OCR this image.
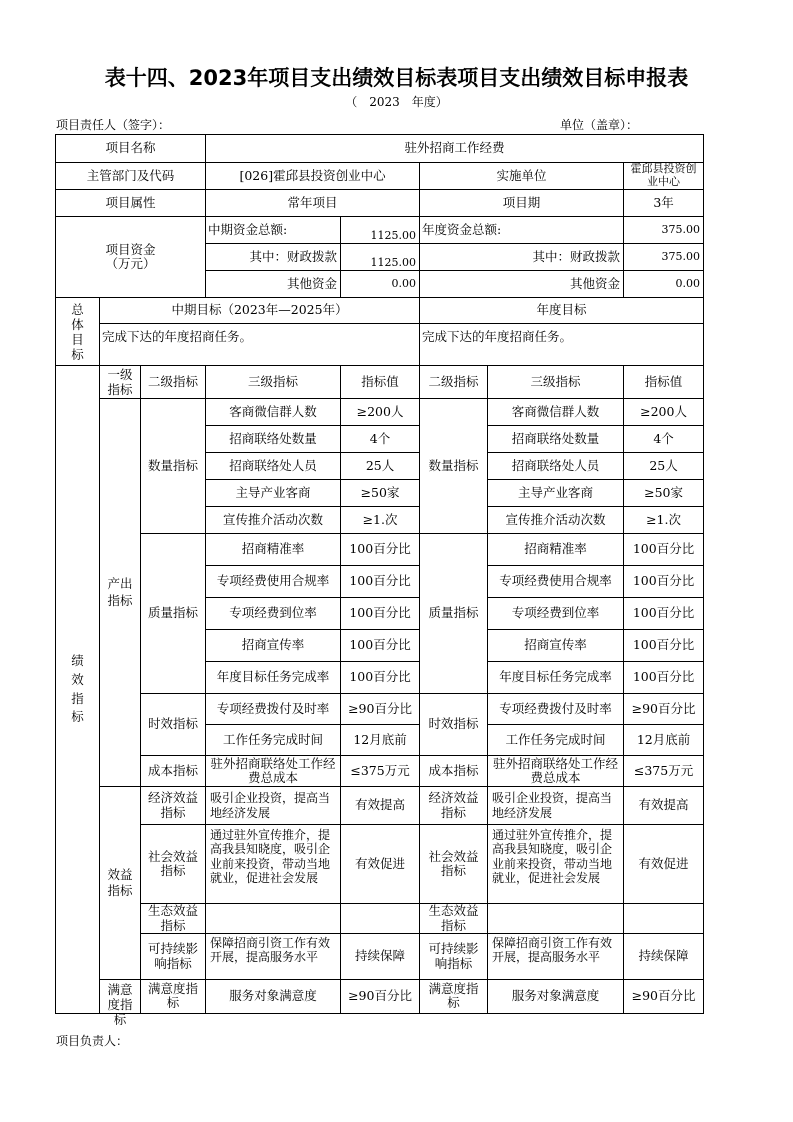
表十四、2023年项目支出绩效目标表项目支出绩效目标申报表
（　2023　年度）
项目责任人（签字）：	单位（盖章）：
项目名称			驻外招商工作经费				
主管部门及代码			[026]霍邱县投资创业中心		实施单位		霍邱县投资创业中心
项目属性			常年项目		项目期		3年

项目资金
（万元）			中期资金总额:	1125.00	年度资金总额:		375.00
			其中：财政拨款	1125.00	其中：财政拨款		375.00
			其他资金	0.00	其他资金		0.00

总体目标	中期目标（2023年—2025年）				年度目标		
	完成下达的年度招商任务。				完成下达的年度招商任务。		

绩效指标	一级指标	二级指标	三级指标	指标值	二级指标	三级指标	指标值

	产出指标	数量指标	客商微信群人数	≥200人	数量指标	客商微信群人数	≥200人
			招商联络处数量	4个		招商联络处数量	4个
			招商联络处人员	25人		招商联络处人员	25人
			主导产业客商	≥50家		主导产业客商	≥50家
			宣传推介活动次数	≥1.次		宣传推介活动次数	≥1.次
		质量指标	招商精准率	100百分比	质量指标	招商精准率	100百分比
			专项经费使用合规率	100百分比		专项经费使用合规率	100百分比
			专项经费到位率	100百分比		专项经费到位率	100百分比
			招商宣传率	100百分比		招商宣传率	100百分比
			年度目标任务完成率	100百分比		年度目标任务完成率	100百分比
		时效指标	专项经费拨付及时率	≥90百分比	时效指标	专项经费拨付及时率	≥90百分比
			工作任务完成时间	12月底前		工作任务完成时间	12月底前
		成本指标	驻外招商联络处工作经费总成本	≤375万元	成本指标	驻外招商联络处工作经费总成本	≤375万元

	效益指标	经济效益指标	吸引企业投资，提高当地经济发展	有效提高	经济效益指标	吸引企业投资，提高当地经济发展	有效提高

		社会效益指标	通过驻外宣传推介，提高我县知晓度，吸引企业前来投资，带动当地就业，促进社会发展	有效促进	社会效益指标	通过驻外宣传推介，提高我县知晓度，吸引企业前来投资，带动当地就业，促进社会发展	有效促进

		生态效益指标			生态效益指标		

		可持续影响指标	保障招商引资工作有效开展，提高服务水平	持续保障	可持续影响指标	保障招商引资工作有效开展，提高服务水平	持续保障

	满意度指标	满意度指标	服务对象满意度	≥90百分比	满意度指标	服务对象满意度	≥90百分比
项目负责人：
